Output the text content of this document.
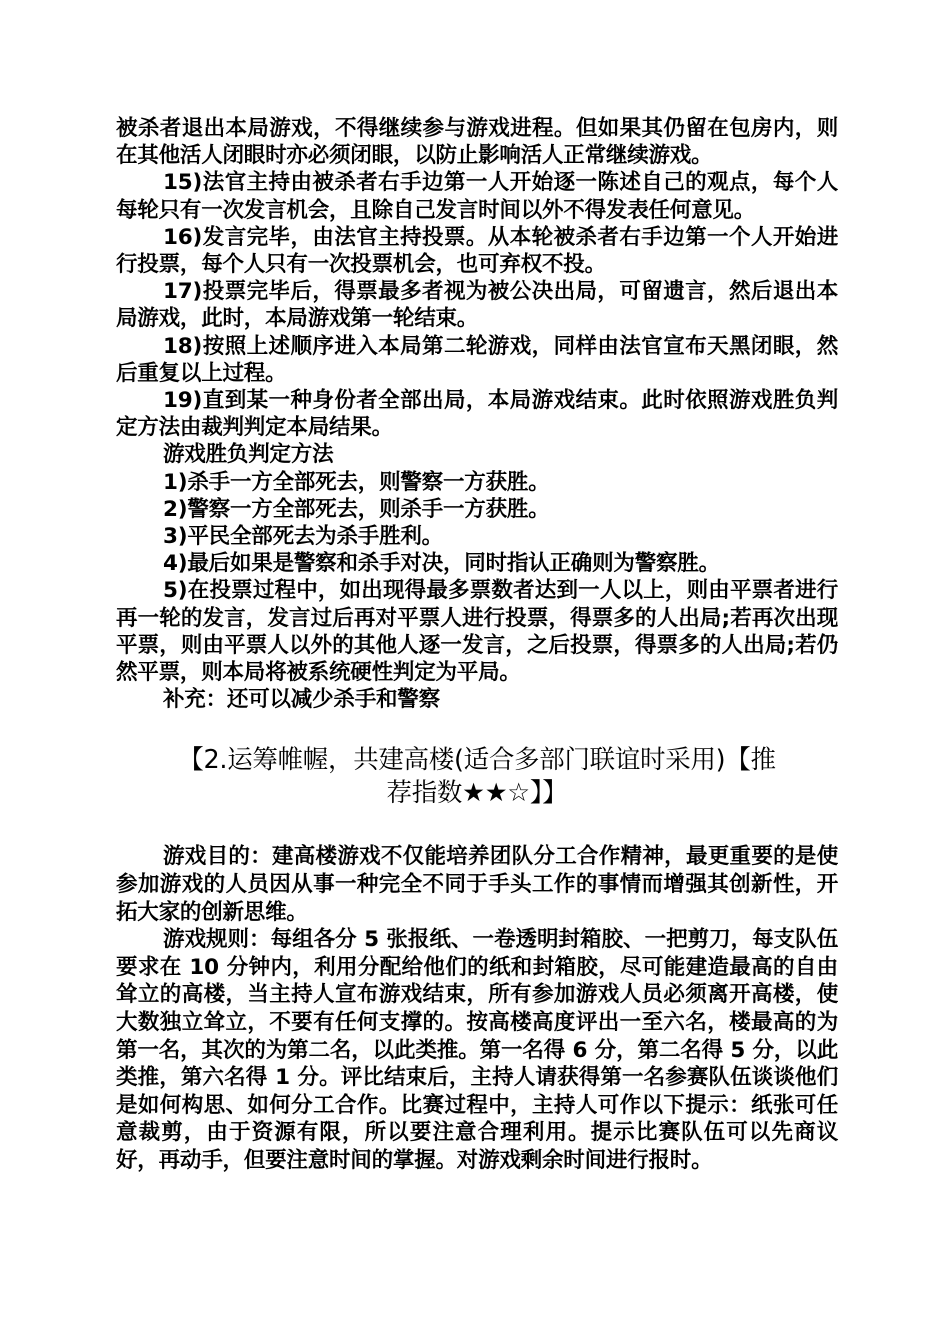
被杀者退出本局游戏，不得继续参与游戏进程。但如果其仍留在包房内，则在其他活人闭眼时亦必须闭眼，以防止影响活人正常继续游戏。

15)法官主持由被杀者右手边第一人开始逐一陈述自己的观点，每个人每轮只有一次发言机会，且除自己发言时间以外不得发表任何意见。

16)发言完毕，由法官主持投票。从本轮被杀者右手边第一个人开始进行投票，每个人只有一次投票机会，也可弃权不投。

17)投票完毕后，得票最多者视为被公决出局，可留遗言，然后退出本局游戏，此时，本局游戏第一轮结束。

18)按照上述顺序进入本局第二轮游戏，同样由法官宣布天黑闭眼，然后重复以上过程。

19)直到某一种身份者全部出局，本局游戏结束。此时依照游戏胜负判定方法由裁判判定本局结果。

游戏胜负判定方法

1)杀手一方全部死去，则警察一方获胜。

2)警察一方全部死去，则杀手一方获胜。

3)平民全部死去为杀手胜利。

4)最后如果是警察和杀手对决，同时指认正确则为警察胜。

5)在投票过程中，如出现得最多票数者达到一人以上，则由平票者进行再一轮的发言，发言过后再对平票人进行投票，得票多的人出局;若再次出现平票，则由平票人以外的其他人逐一发言，之后投票，得票多的人出局;若仍然平票，则本局将被系统硬性判定为平局。

补充：还可以减少杀手和警察

【2.运筹帷幄，共建高楼(适合多部门联谊时采用)【推
荐指数★★☆】】

游戏目的：建高楼游戏不仅能培养团队分工合作精神，最更重要的是使参加游戏的人员因从事一种完全不同于手头工作的事情而增强其创新性，开拓大家的创新思维。

游戏规则：每组各分 5 张报纸、一卷透明封箱胶、一把剪刀，每支队伍要求在 10 分钟内，利用分配给他们的纸和封箱胶，尽可能建造最高的自由耸立的高楼，当主持人宣布游戏结束，所有参加游戏人员必须离开高楼，使大数独立耸立，不要有任何支撑的。按高楼高度评出一至六名，楼最高的为第一名，其次的为第二名，以此类推。第一名得 6 分，第二名得 5 分，以此类推，第六名得 1 分。评比结束后，主持人请获得第一名参赛队伍谈谈他们是如何构思、如何分工合作。比赛过程中，主持人可作以下提示：纸张可任意裁剪，由于资源有限，所以要注意合理利用。提示比赛队伍可以先商议好，再动手，但要注意时间的掌握。对游戏剩余时间进行报时。
